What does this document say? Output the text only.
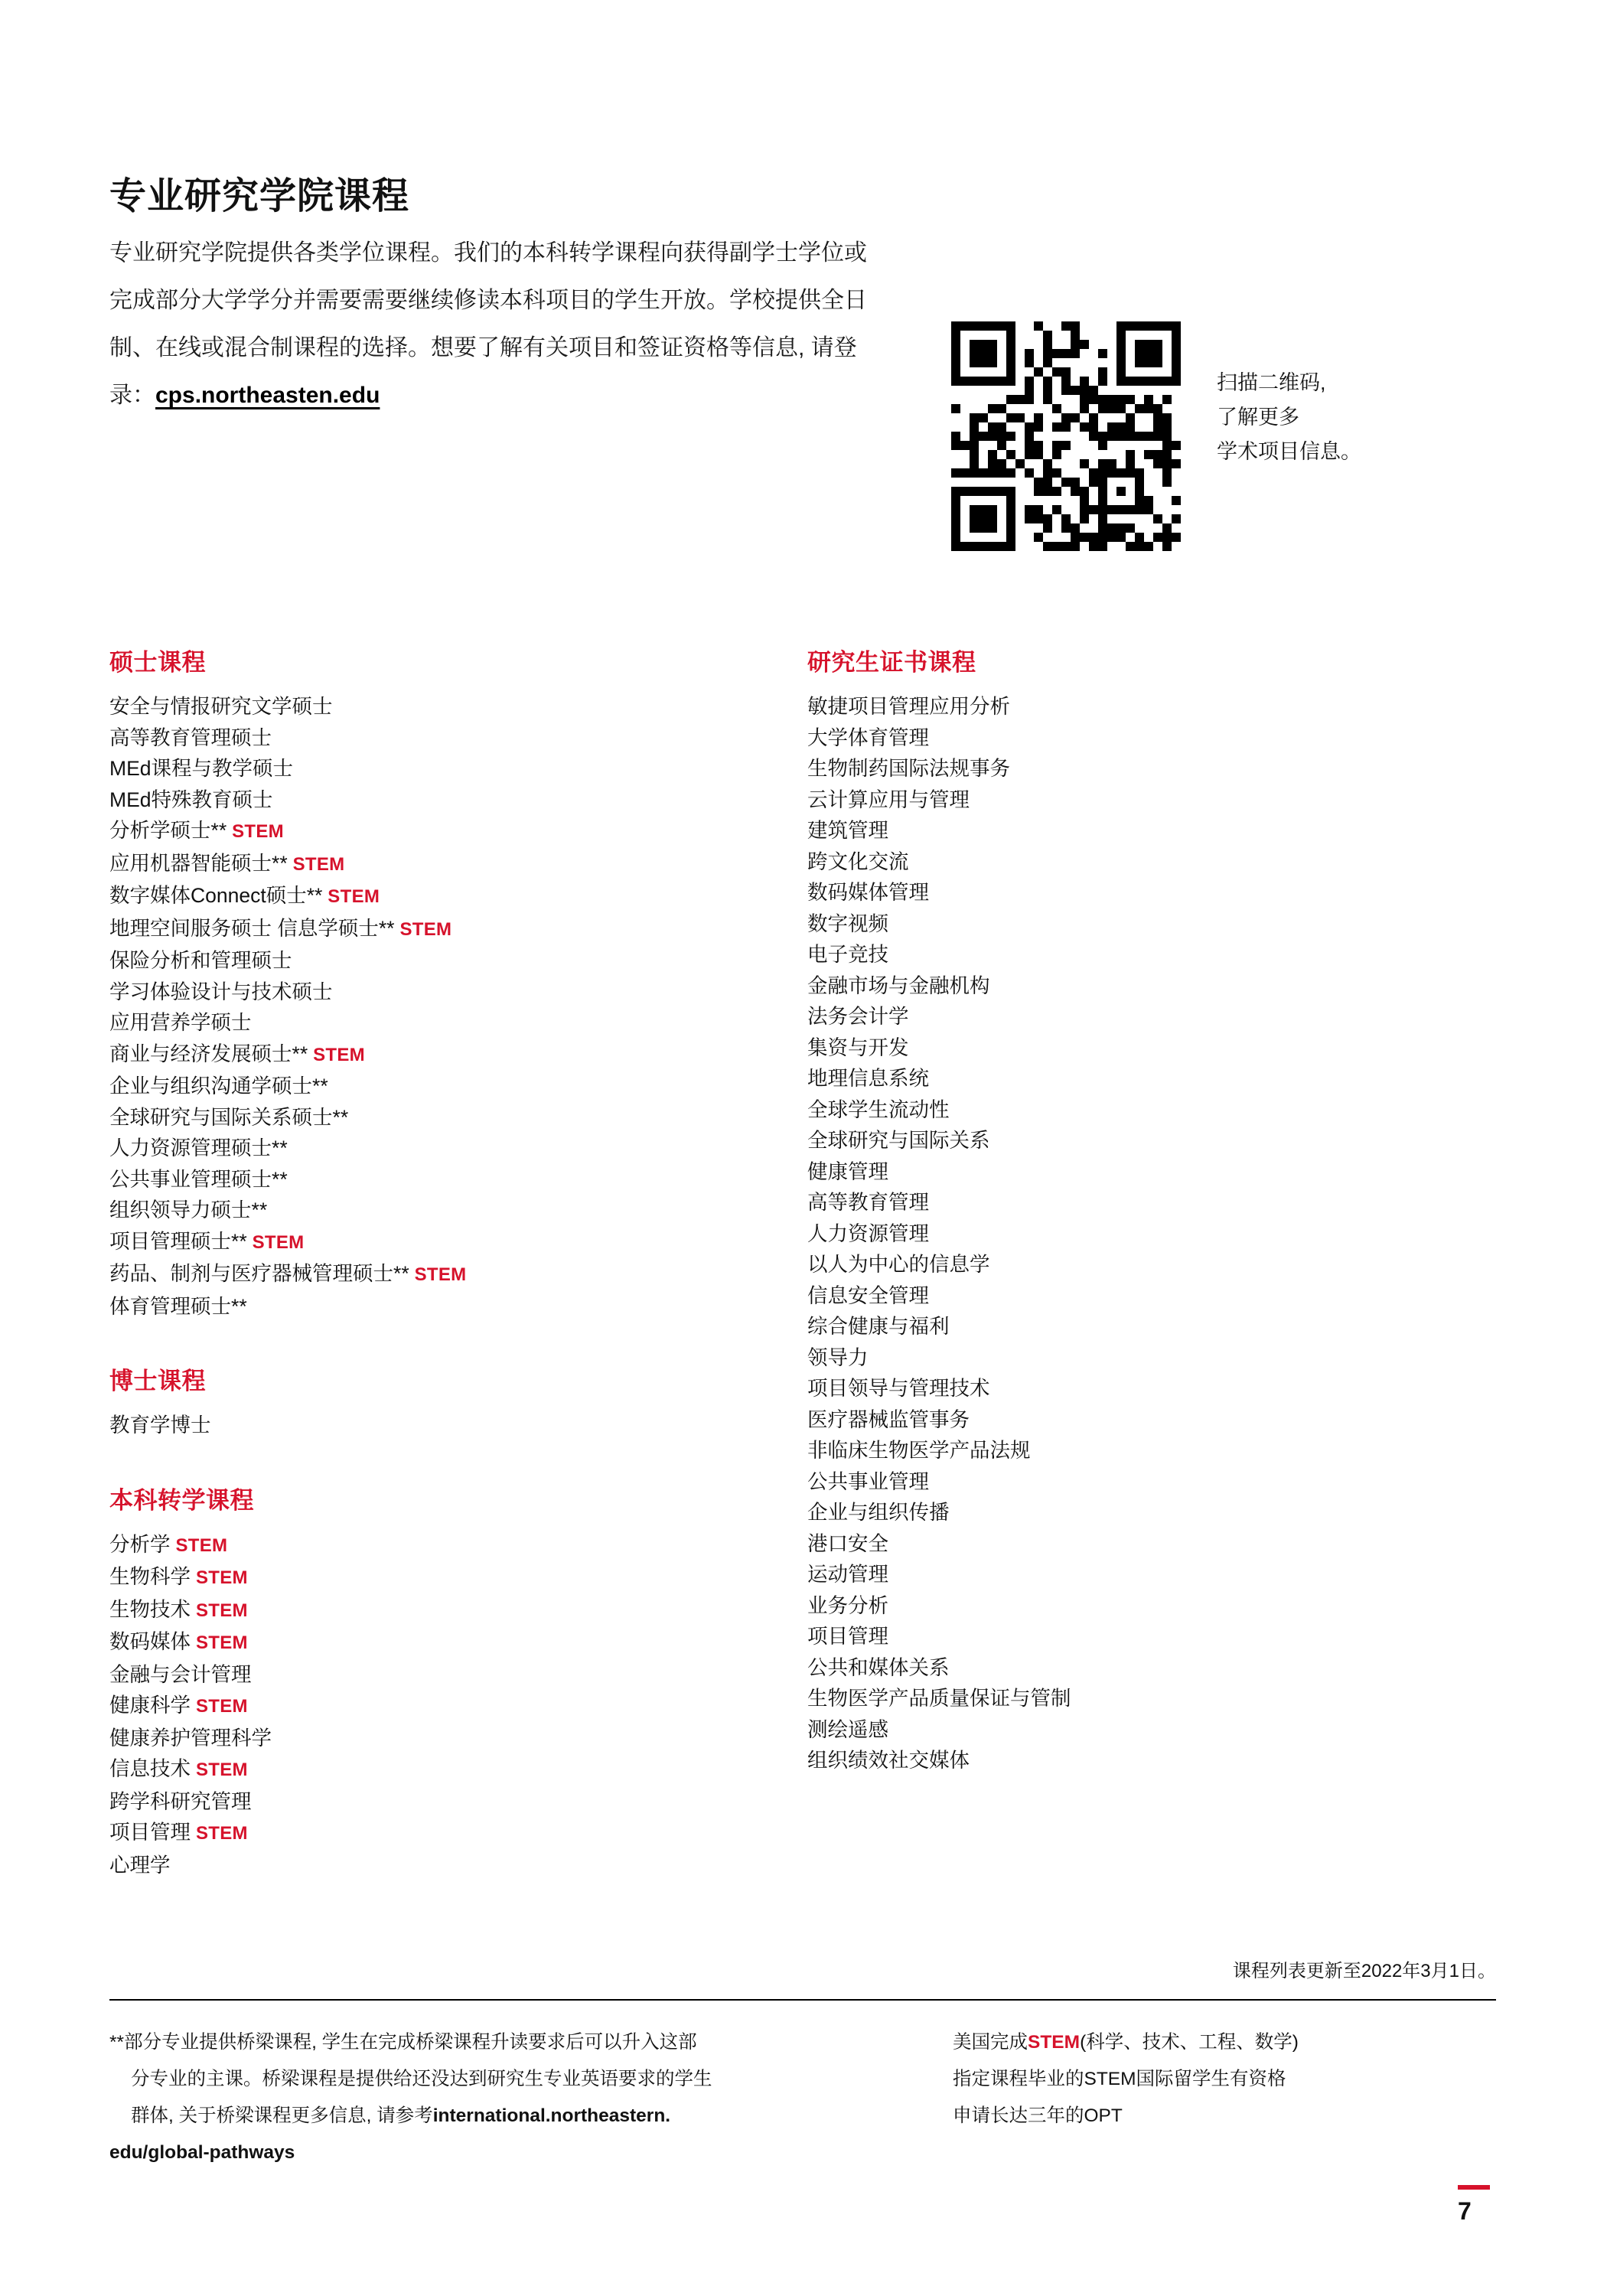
专业研究学院课程
专业研究学院提供各类学位课程。我们的本科转学课程向获得副学士学位或完成部分大学学分并需要需要继续修读本科项目的学生开放。学校提供全日制、在线或混合制课程的选择。想要了解有关项目和签证资格等信息, 请登录：cps.northeasten.edu	扫描二维码,
了解更多
学术项目信息。
硕士课程
安全与情报研究文学硕士
高等教育管理硕士
MEd课程与教学硕士
MEd特殊教育硕士
分析学硕士** STEM
应用机器智能硕士** STEM
数字媒体Connect硕士** STEM
地理空间服务硕士 信息学硕士** STEM
保险分析和管理硕士
学习体验设计与技术硕士
应用营养学硕士
商业与经济发展硕士** STEM
企业与组织沟通学硕士**
全球研究与国际关系硕士**
人力资源管理硕士**
公共事业管理硕士**
组织领导力硕士**
项目管理硕士** STEM
药品、制剂与医疗器械管理硕士** STEM
体育管理硕士**
博士课程
教育学博士
本科转学课程
分析学 STEM
生物科学 STEM
生物技术 STEM
数码媒体 STEM
金融与会计管理
健康科学 STEM
健康养护管理科学
信息技术 STEM
跨学科研究管理
项目管理 STEM
心理学
研究生证书课程
敏捷项目管理应用分析
大学体育管理
生物制药国际法规事务
云计算应用与管理
建筑管理
跨文化交流
数码媒体管理
数字视频
电子竞技
金融市场与金融机构
法务会计学
集资与开发
地理信息系统
全球学生流动性
全球研究与国际关系
健康管理
高等教育管理
人力资源管理
以人为中心的信息学
信息安全管理
综合健康与福利
领导力
项目领导与管理技术
医疗器械监管事务
非临床生物医学产品法规
公共事业管理
企业与组织传播
港口安全
运动管理
业务分析
项目管理
公共和媒体关系
生物医学产品质量保证与管制
测绘遥感
组织绩效社交媒体
课程列表更新至2022年3月1日。
**部分专业提供桥梁课程, 学生在完成桥梁课程升读要求后可以升入这部
分专业的主课。桥梁课程是提供给还没达到研究生专业英语要求的学生
群体, 关于桥梁课程更多信息, 请参考international.northeastern.
edu/global-pathways
美国完成STEM(科学、技术、工程、数学)
指定课程毕业的STEM国际留学生有资格
申请长达三年的OPT
7
